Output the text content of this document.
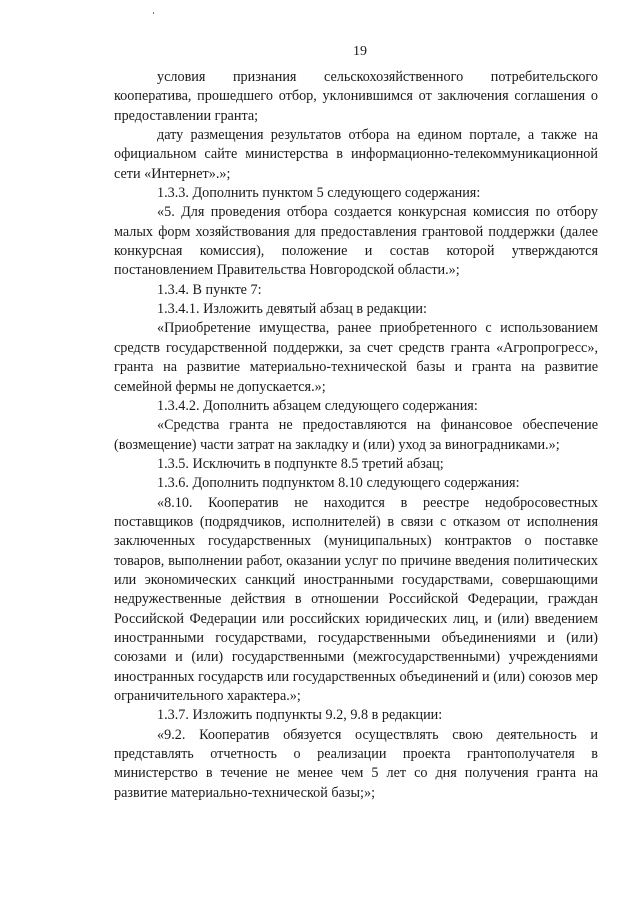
19

условия признания сельскохозяйственного потребительского кооператива, прошедшего отбор, уклонившимся от заключения соглашения о предоставлении гранта;

дату размещения результатов отбора на едином портале, а также на официальном сайте министерства в информационно-телекоммуникационной сети «Интернет».»;

1.3.3. Дополнить пунктом 5 следующего содержания:

«5. Для проведения отбора создается конкурсная комиссия по отбору малых форм хозяйствования для предоставления грантовой поддержки (далее конкурсная комиссия), положение и состав которой утверждаются постановлением Правительства Новгородской области.»;

1.3.4. В пункте 7:

1.3.4.1. Изложить девятый абзац в редакции:

«Приобретение имущества, ранее приобретенного с использованием средств государственной поддержки, за счет средств гранта «Агропрогресс», гранта на развитие материально-технической базы и гранта на развитие семейной фермы не допускается.»;

1.3.4.2. Дополнить абзацем следующего содержания:

«Средства гранта не предоставляются на финансовое обеспечение (возмещение) части затрат на закладку и (или) уход за виноградниками.»;

1.3.5. Исключить в подпункте 8.5 третий абзац;

1.3.6. Дополнить подпунктом 8.10 следующего содержания:

«8.10. Кооператив не находится в реестре недобросовестных поставщиков (подрядчиков, исполнителей) в связи с отказом от исполнения заключенных государственных (муниципальных) контрактов о поставке товаров, выполнении работ, оказании услуг по причине введения политических или экономических санкций иностранными государствами, совершающими недружественные действия в отношении Российской Федерации, граждан Российской Федерации или российских юридических лиц, и (или) введением иностранными государствами, государственными объединениями и (или) союзами и (или) государственными (межгосударственными) учреждениями иностранных государств или государственных объединений и (или) союзов мер ограничительного характера.»;

1.3.7. Изложить подпункты 9.2, 9.8 в редакции:

«9.2. Кооператив обязуется осуществлять свою деятельность и представлять отчетность о реализации проекта грантополучателя в министерство в течение не менее чем 5 лет со дня получения гранта на развитие материально-технической базы;»;
